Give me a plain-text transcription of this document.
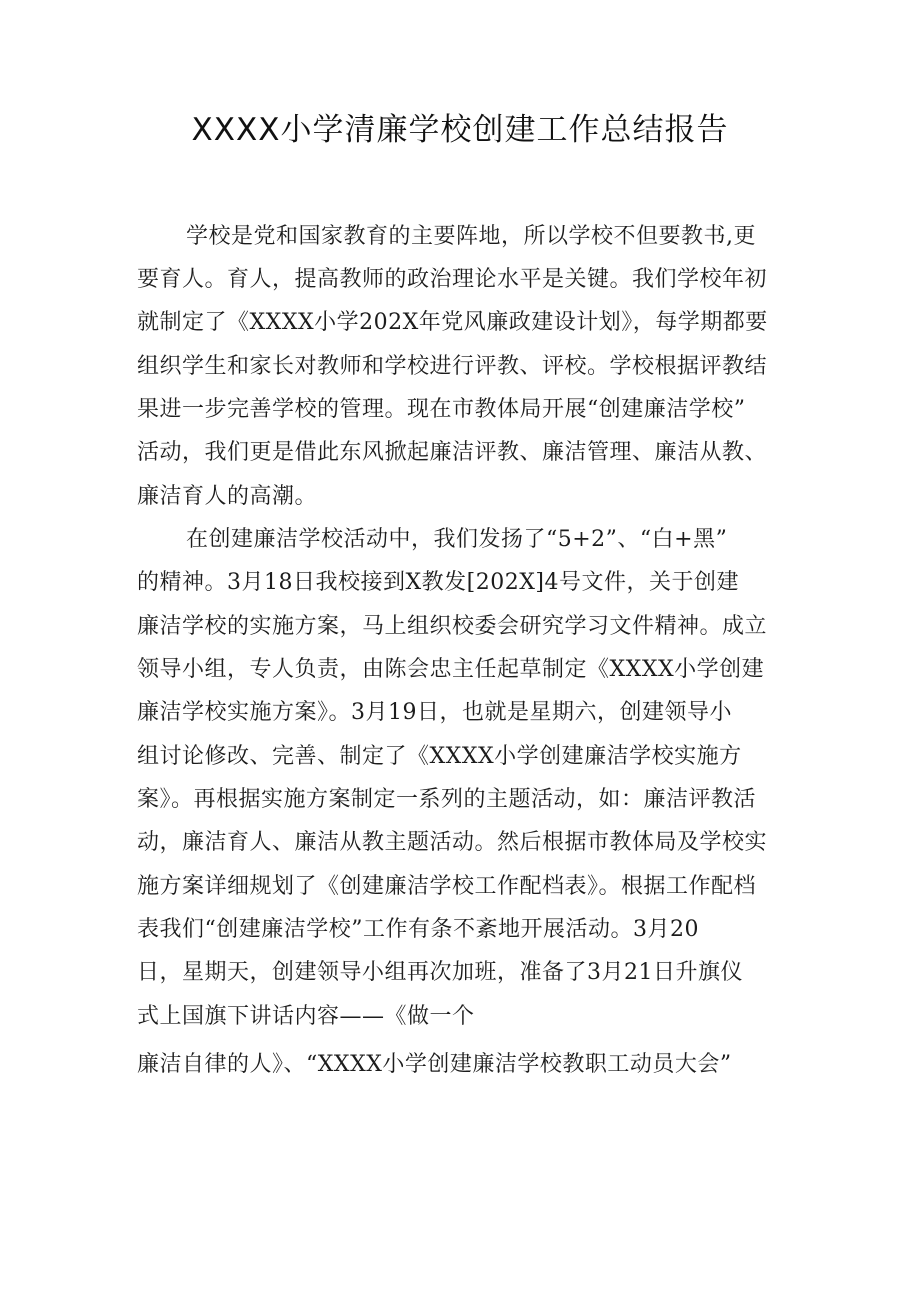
XXXX小学清廉学校创建工作总结报告
学校是党和国家教育的主要阵地，所以学校不但要教书,更
要育人。育人，提高教师的政治理论水平是关键。我们学校年初
就制定了《XXXX小学202X年党风廉政建设计划》，每学期都要
组织学生和家长对教师和学校进行评教、评校。学校根据评教结
果进一步完善学校的管理。现在市教体局开展“创建廉洁学校”
活动，我们更是借此东风掀起廉洁评教、廉洁管理、廉洁从教、
廉洁育人的高潮。
在创建廉洁学校活动中，我们发扬了“5+2”、“白+黑”
的精神。3月18日我校接到X教发[202X]4号文件，关于创建
廉洁学校的实施方案，马上组织校委会研究学习文件精神。成立
领导小组，专人负责，由陈会忠主任起草制定《XXXX小学创建
廉洁学校实施方案》。3月19日，也就是星期六，创建领导小
组讨论修改、完善、制定了《XXXX小学创建廉洁学校实施方
案》。再根据实施方案制定一系列的主题活动，如：廉洁评教活
动，廉洁育人、廉洁从教主题活动。然后根据市教体局及学校实
施方案详细规划了《创建廉洁学校工作配档表》。根据工作配档
表我们“创建廉洁学校”工作有条不紊地开展活动。3月20
日，星期天，创建领导小组再次加班，准备了3月21日升旗仪
式上国旗下讲话内容——《做一个
廉洁自律的人》、“XXXX小学创建廉洁学校教职工动员大会”
